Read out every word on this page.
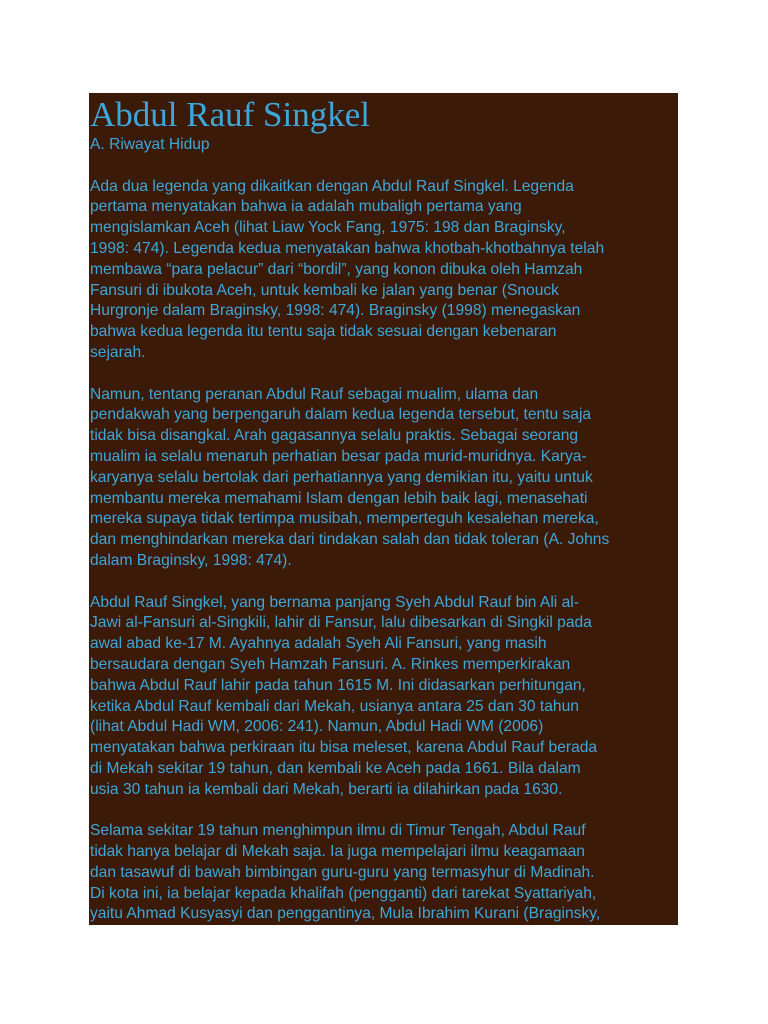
Abdul Rauf Singkel
A. Riwayat Hidup
Ada dua legenda yang dikaitkan dengan Abdul Rauf Singkel. Legenda
pertama menyatakan bahwa ia adalah mubaligh pertama yang
mengislamkan Aceh (lihat Liaw Yock Fang, 1975: 198 dan Braginsky,
1998: 474). Legenda kedua menyatakan bahwa khotbah-khotbahnya telah
membawa “para pelacur” dari “bordil”, yang konon dibuka oleh Hamzah
Fansuri di ibukota Aceh, untuk kembali ke jalan yang benar (Snouck
Hurgronje dalam Braginsky, 1998: 474). Braginsky (1998) menegaskan
bahwa kedua legenda itu tentu saja tidak sesuai dengan kebenaran
sejarah.
Namun, tentang peranan Abdul Rauf sebagai mualim, ulama dan
pendakwah yang berpengaruh dalam kedua legenda tersebut, tentu saja
tidak bisa disangkal. Arah gagasannya selalu praktis. Sebagai seorang
mualim ia selalu menaruh perhatian besar pada murid-muridnya. Karya-
karyanya selalu bertolak dari perhatiannya yang demikian itu, yaitu untuk
membantu mereka memahami Islam dengan lebih baik lagi, menasehati
mereka supaya tidak tertimpa musibah, memperteguh kesalehan mereka,
dan menghindarkan mereka dari tindakan salah dan tidak toleran (A. Johns
dalam Braginsky, 1998: 474).
Abdul Rauf Singkel, yang bernama panjang Syeh Abdul Rauf bin Ali al-
Jawi al-Fansuri al-Singkili, lahir di Fansur, lalu dibesarkan di Singkil pada
awal abad ke-17 M. Ayahnya adalah Syeh Ali Fansuri, yang masih
bersaudara dengan Syeh Hamzah Fansuri. A. Rinkes memperkirakan
bahwa Abdul Rauf lahir pada tahun 1615 M. Ini didasarkan perhitungan,
ketika Abdul Rauf kembali dari Mekah, usianya antara 25 dan 30 tahun
(lihat Abdul Hadi WM, 2006: 241). Namun, Abdul Hadi WM (2006)
menyatakan bahwa perkiraan itu bisa meleset, karena Abdul Rauf berada
di Mekah sekitar 19 tahun, dan kembali ke Aceh pada 1661. Bila dalam
usia 30 tahun ia kembali dari Mekah, berarti ia dilahirkan pada 1630.
Selama sekitar 19 tahun menghimpun ilmu di Timur Tengah, Abdul Rauf
tidak hanya belajar di Mekah saja. Ia juga mempelajari ilmu keagamaan
dan tasawuf di bawah bimbingan guru-guru yang termasyhur di Madinah.
Di kota ini, ia belajar kepada khalifah (pengganti) dari tarekat Syattariyah,
yaitu Ahmad Kusyasyi dan penggantinya, Mula Ibrahim Kurani (Braginsky,
